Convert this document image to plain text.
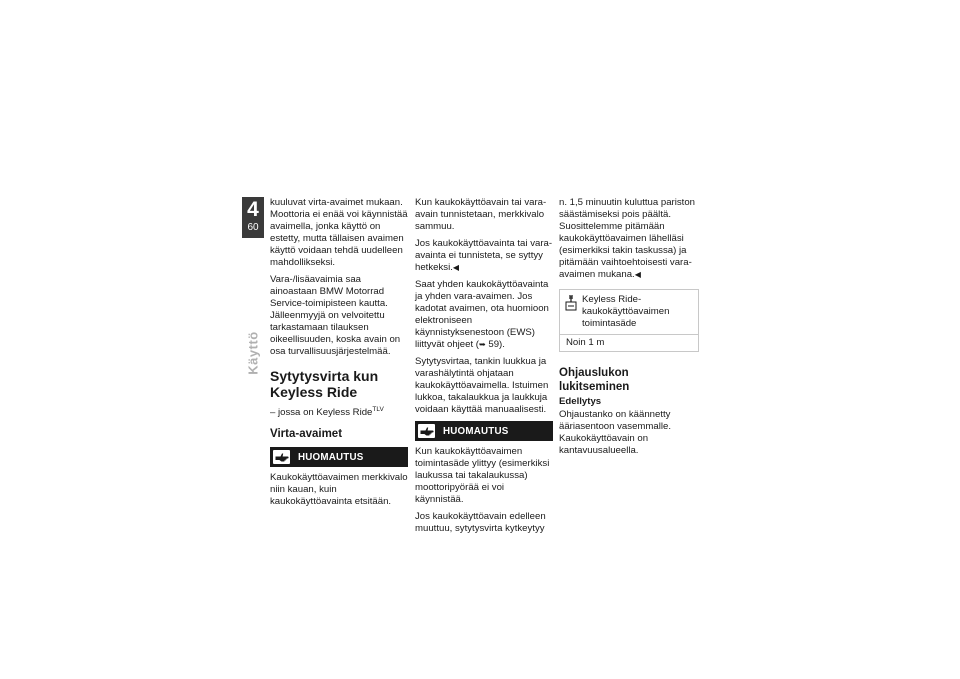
4
60
Käyttö

kuuluvat virta-avaimet mukaan. Moottoria ei enää voi käynnistää avaimella, jonka käyttö on estetty, mutta tällaisen avaimen käyttö voidaan tehdä uudelleen mahdollikseksi.

Vara-/lisäavaimia saa ainoastaan BMW Motorrad Service-toimipisteen kautta. Jälleenmyyjä on velvoitettu tarkastamaan tilauksen oikeellisuuden, koska avain on osa turvallisuusjärjestelmää.

Sytytysvirta kun Keyless Ride

– jossa on Keyless Ride$^{TLV}$

Virta-avaimet
HUOMAUTUS

Kaukokäyttöavaimen merkkivalo niin kauan, kuin kaukokäyttöavainta etsitään.

Kun kaukokäyttöavain tai vara-avain tunnistetaan, merkkivalo sammuu.

Jos kaukokäyttöavainta tai vara-avainta ei tunnisteta, se syttyy hetkeksi.◀

Saat yhden kaukokäyttöavainta ja yhden vara-avaimen. Jos kadotat avaimen, ota huomioon elektroniseen käynnistyksenestoon (EWS) liittyvät ohjeet (➥ 59).

Sytytysvirtaa, tankin luukkua ja varashälytintä ohjataan kaukokäyttöavaimella. Istuimen lukkoa, takalaukkua ja laukkuja voidaan käyttää manuaalisesti.

HUOMAUTUS

Kun kaukokäyttöavaimen toimintasäde ylittyy (esimerkiksi laukussa tai takalaukussa) moottoripyörää ei voi käynnistää.

Jos kaukokäyttöavain edelleen muuttuu, sytytysvirta kytkeytyy

n. 1,5 minuutin kuluttua pariston säästämiseksi pois päältä. Suosittelemme pitämään kaukokäyttöavaimen lähelläsi (esimerkiksi takin taskussa) ja pitämään vaihtoehtoisesti vara-avaimen mukana.◀

Keyless Ride-kaukokäyttöavaimen toimintasäde

Noin 1 m

Ohjauslukon lukitseminen
Edellytys

Ohjaustanko on käännetty ääriasentoon vasemmalle. Kaukokäyttöavain on kantavuusalueella.
